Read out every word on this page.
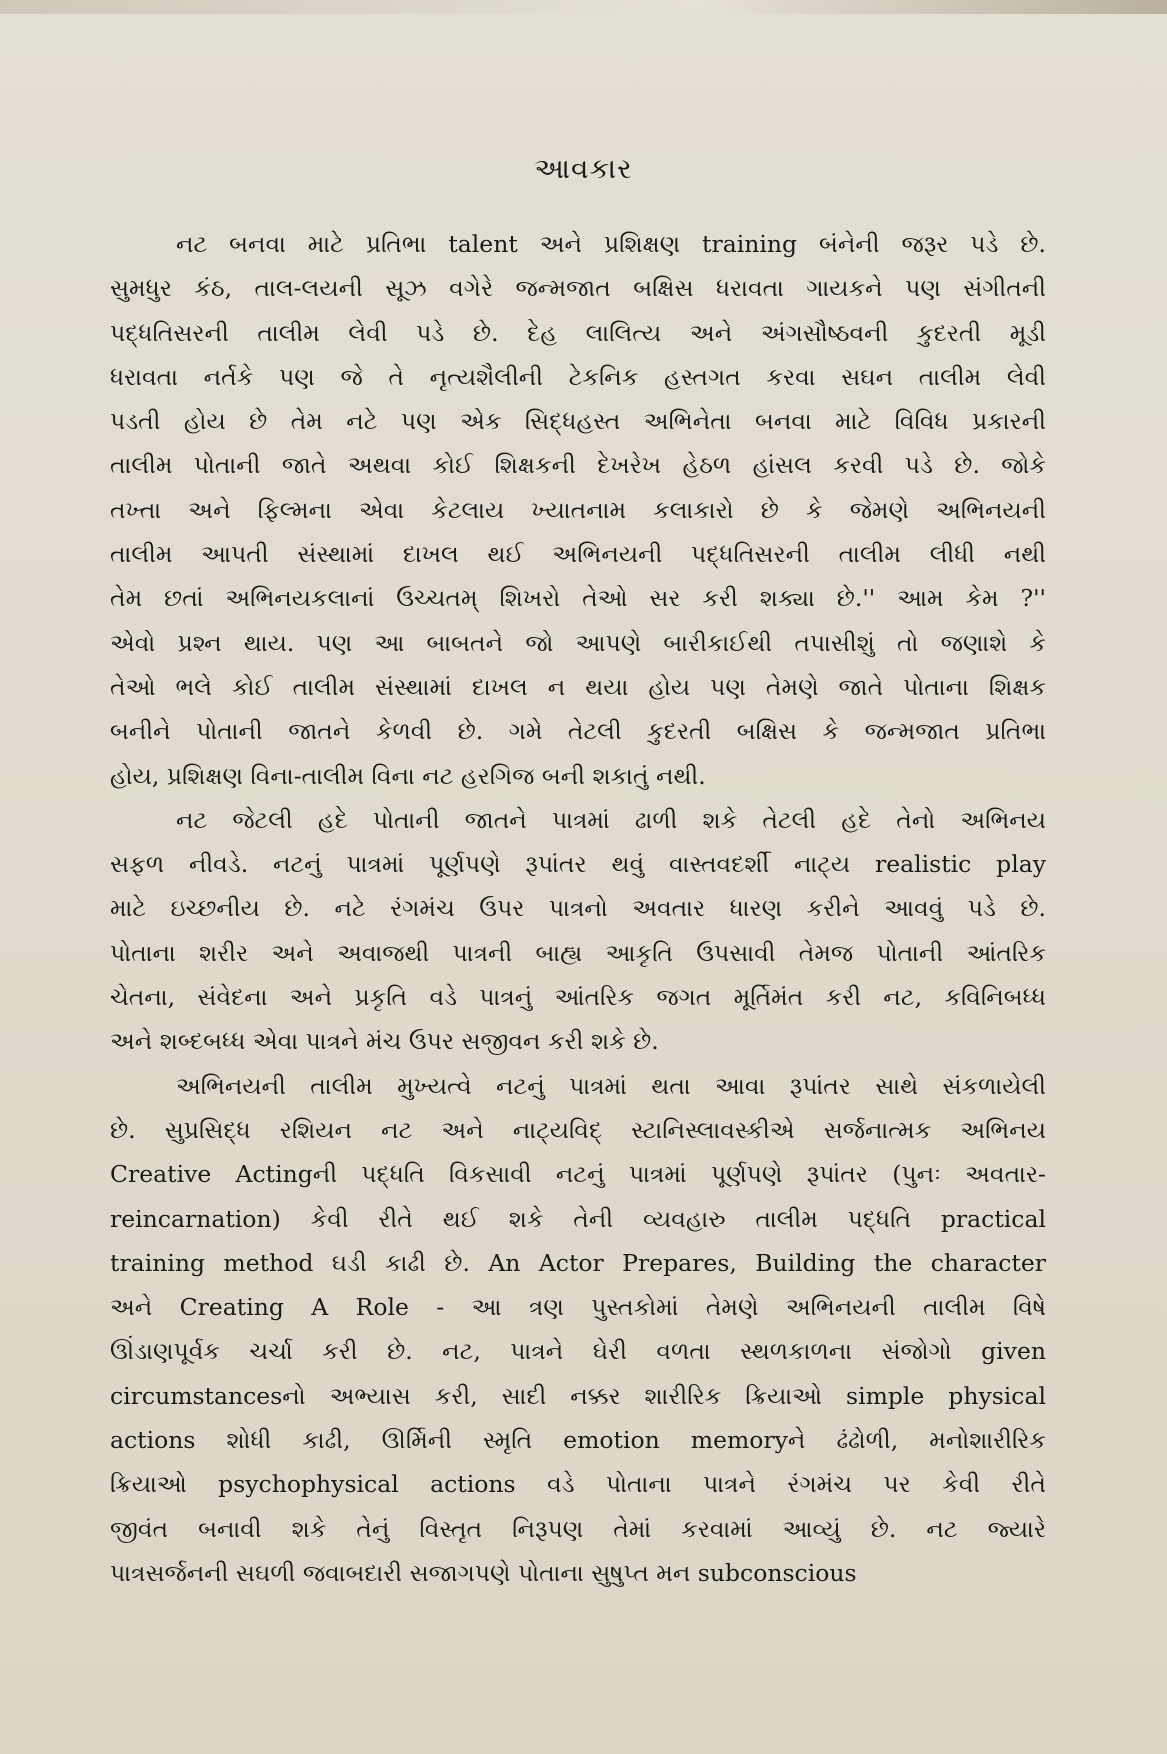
આવકાર
નટ બનવા માટે પ્રતિભા talent અને પ્રશિક્ષણ training બંનેની જરૂર પડે છે.
સુમધુર કંઠ, તાલ-લયની સૂઝ વગેરે જન્મજાત બક્ષિસ ધરાવતા ગાયકને પણ સંગીતની
પદ્ધતિસરની તાલીમ લેવી પડે છે. દેહ લાલિત્ય અને અંગસૌષ્ઠવની કુદરતી મૂડી
ધરાવતા નર્તકે પણ જે તે નૃત્યશૈલીની ટેકનિક હસ્તગત કરવા સઘન તાલીમ લેવી
પડતી હોય છે તેમ નટે પણ એક સિદ્ધહસ્ત અભિનેતા બનવા માટે વિવિધ પ્રકારની
તાલીમ પોતાની જાતે અથવા કોઈ શિક્ષકની દેખરેખ હેઠળ હાંસલ કરવી પડે છે. જોકે
તખ્તા અને ફિલ્મના એવા કેટલાય ખ્યાતનામ કલાકારો છે કે જેમણે અભિનયની
તાલીમ આપતી સંસ્થામાં દાખલ થઈ અભિનયની પદ્ધતિસરની તાલીમ લીધી નથી
તેમ છતાં અભિનયકલાનાં ઉચ્ચતમ્ શિખરો તેઓ સર કરી શક્યા છે.'' આમ કેમ ?''
એવો પ્રશ્ન થાય. પણ આ બાબતને જો આપણે બારીકાઈથી તપાસીશું તો જણાશે કે
તેઓ ભલે કોઈ તાલીમ સંસ્થામાં દાખલ ન થયા હોય પણ તેમણે જાતે પોતાના શિક્ષક
બનીને પોતાની જાતને કેળવી છે. ગમે તેટલી કુદરતી બક્ષિસ કે જન્મજાત પ્રતિભા
હોય, પ્રશિક્ષણ વિના-તાલીમ વિના નટ હરગિજ બની શકાતું નથી.
નટ જેટલી હદે પોતાની જાતને પાત્રમાં ઢાળી શકે તેટલી હદે તેનો અભિનય
સફળ નીવડે. નટનું પાત્રમાં પૂર્ણપણે રૂપાંતર થવું વાસ્તવદર્શી નાટ્ય realistic play
માટે ઇચ્છનીય છે. નટે રંગમંચ ઉપર પાત્રનો અવતાર ધારણ કરીને આવવું પડે છે.
પોતાના શરીર અને અવાજથી પાત્રની બાહ્ય આકૃતિ ઉપસાવી તેમજ પોતાની આંતરિક
ચેતના, સંવેદના અને પ્રકૃતિ વડે પાત્રનું આંતરિક જગત મૂર્તિમંત કરી નટ, કવિનિબધ્ધ
અને શબ્દબધ્ધ એવા પાત્રને મંચ ઉપર સજીવન કરી શકે છે.
અભિનયની તાલીમ મુખ્યત્વે નટનું પાત્રમાં થતા આવા રૂપાંતર સાથે સંકળાયેલી
છે. સુપ્રસિદ્ધ રશિયન નટ અને નાટ્યવિદ્ સ્ટાનિસ્લાવસ્કીએ સર્જનાત્મક અભિનય
Creative Actingની પદ્ધતિ વિકસાવી નટનું પાત્રમાં પૂર્ણપણે રૂપાંતર (પુનઃ અવતાર-
reincarnation) કેવી રીતે થઈ શકે તેની વ્યવહારુ તાલીમ પદ્ધતિ practical
training method ઘડી કાઢી છે. An Actor Prepares, Building the character
અને Creating A Role - આ ત્રણ પુસ્તકોમાં તેમણે અભિનયની તાલીમ વિષે
ઊંડાણપૂર્વક ચર્ચા કરી છે. નટ, પાત્રને ઘેરી વળતા સ્થળકાળના સંજોગો given
circumstancesનો અભ્યાસ કરી, સાદી નક્કર શારીરિક ક્રિયાઓ simple physical
actions શોધી કાઢી, ઊર્મિની સ્મૃતિ emotion memoryને ઢંઢોળી, મનોશારીરિક
ક્રિયાઓ psychophysical actions વડે પોતાના પાત્રને રંગમંચ પર કેવી રીતે
જીવંત બનાવી શકે તેનું વિસ્તૃત નિરૂપણ તેમાં કરવામાં આવ્યું છે. નટ જ્યારે
પાત્રસર્જનની સઘળી જવાબદારી સજાગપણે પોતાના સુષુપ્ત મન subconscious
